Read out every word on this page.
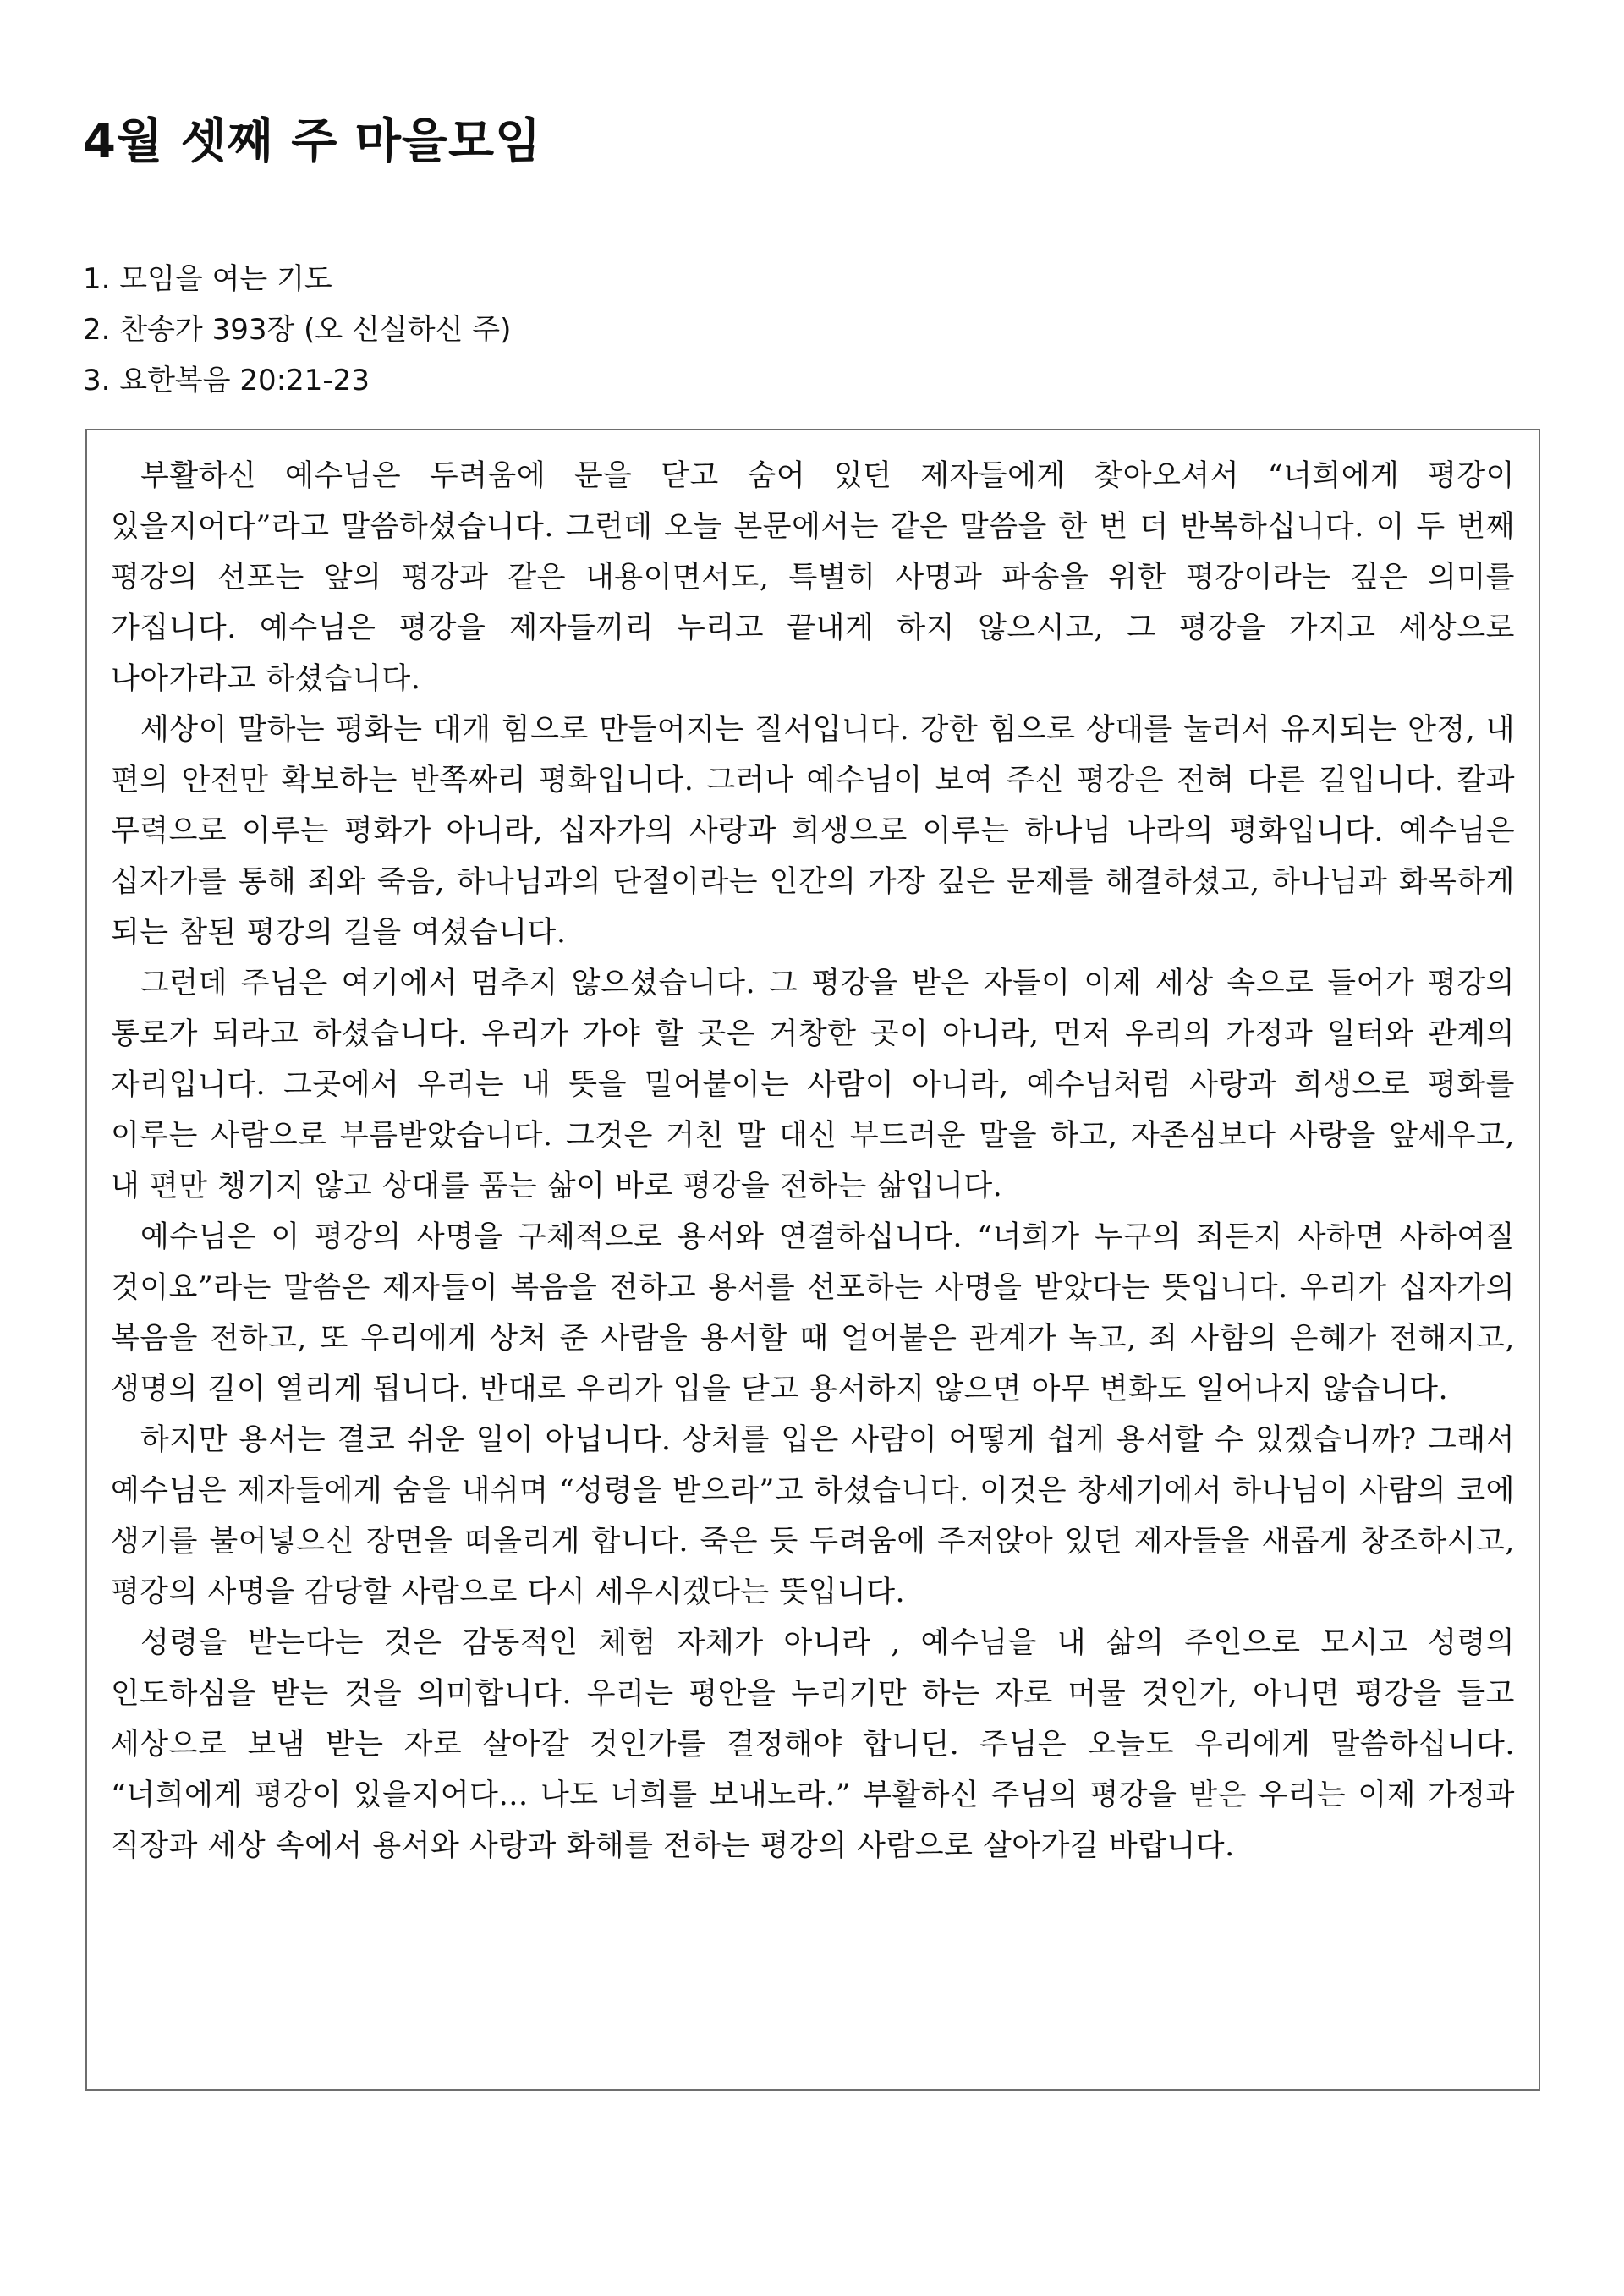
4월 셋째 주 마을모임
1. 모임을 여는 기도
2. 찬송가 393장 (오 신실하신 주)
3. 요한복음 20:21-23

부활하신 예수님은 두려움에 문을 닫고 숨어 있던 제자들에게 찾아오셔서 “너희에게 평강이 있을지어다”라고 말씀하셨습니다. 그런데 오늘 본문에서는 같은 말씀을 한 번 더 반복하십니다. 이 두 번째 평강의 선포는 앞의 평강과 같은 내용이면서도, 특별히 사명과 파송을 위한 평강이라는 깊은 의미를 가집니다. 예수님은 평강을 제자들끼리 누리고 끝내게 하지 않으시고, 그 평강을 가지고 세상으로 나아가라고 하셨습니다.

세상이 말하는 평화는 대개 힘으로 만들어지는 질서입니다. 강한 힘으로 상대를 눌러서 유지되는 안정, 내 편의 안전만 확보하는 반쪽짜리 평화입니다. 그러나 예수님이 보여 주신 평강은 전혀 다른 길입니다. 칼과 무력으로 이루는 평화가 아니라, 십자가의 사랑과 희생으로 이루는 하나님 나라의 평화입니다. 예수님은 십자가를 통해 죄와 죽음, 하나님과의 단절이라는 인간의 가장 깊은 문제를 해결하셨고, 하나님과 화목하게 되는 참된 평강의 길을 여셨습니다.

그런데 주님은 여기에서 멈추지 않으셨습니다. 그 평강을 받은 자들이 이제 세상 속으로 들어가 평강의 통로가 되라고 하셨습니다. 우리가 가야 할 곳은 거창한 곳이 아니라, 먼저 우리의 가정과 일터와 관계의 자리입니다. 그곳에서 우리는 내 뜻을 밀어붙이는 사람이 아니라, 예수님처럼 사랑과 희생으로 평화를 이루는 사람으로 부름받았습니다. 그것은 거친 말 대신 부드러운 말을 하고, 자존심보다 사랑을 앞세우고, 내 편만 챙기지 않고 상대를 품는 삶이 바로 평강을 전하는 삶입니다.

예수님은 이 평강의 사명을 구체적으로 용서와 연결하십니다. “너희가 누구의 죄든지 사하면 사하여질 것이요”라는 말씀은 제자들이 복음을 전하고 용서를 선포하는 사명을 받았다는 뜻입니다. 우리가 십자가의 복음을 전하고, 또 우리에게 상처 준 사람을 용서할 때 얼어붙은 관계가 녹고, 죄 사함의 은혜가 전해지고, 생명의 길이 열리게 됩니다. 반대로 우리가 입을 닫고 용서하지 않으면 아무 변화도 일어나지 않습니다.

하지만 용서는 결코 쉬운 일이 아닙니다. 상처를 입은 사람이 어떻게 쉽게 용서할 수 있겠습니까? 그래서 예수님은 제자들에게 숨을 내쉬며 “성령을 받으라”고 하셨습니다. 이것은 창세기에서 하나님이 사람의 코에 생기를 불어넣으신 장면을 떠올리게 합니다. 죽은 듯 두려움에 주저앉아 있던 제자들을 새롭게 창조하시고, 평강의 사명을 감당할 사람으로 다시 세우시겠다는 뜻입니다.

성령을 받는다는 것은 감동적인 체험 자체가 아니라 , 예수님을 내 삶의 주인으로 모시고 성령의 인도하심을 받는 것을 의미합니다. 우리는 평안을 누리기만 하는 자로 머물 것인가, 아니면 평강을 들고 세상으로 보냄 받는 자로 살아갈 것인가를 결정해야 합니딘. 주님은 오늘도 우리에게 말씀하십니다. “너희에게 평강이 있을지어다… 나도 너희를 보내노라.” 부활하신 주님의 평강을 받은 우리는 이제 가정과 직장과 세상 속에서 용서와 사랑과 화해를 전하는 평강의 사람으로 살아가길 바랍니다.
